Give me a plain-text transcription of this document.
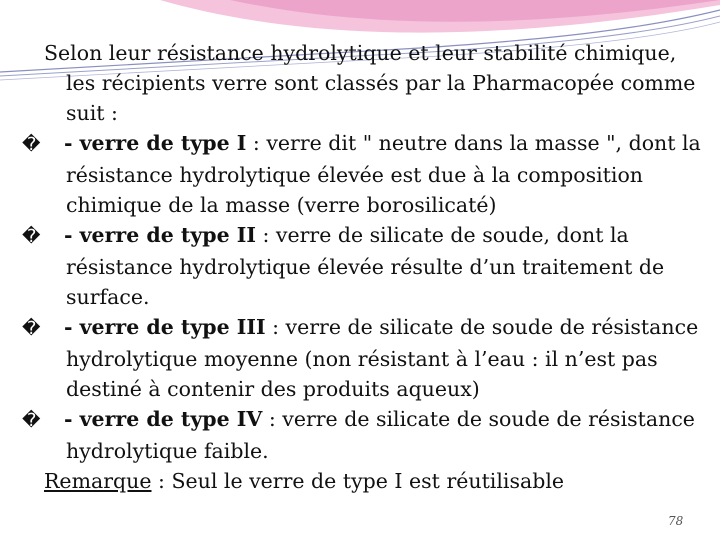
Selon leur résistance hydrolytique et leur stabilité chimique, les récipients verre sont classés par la Pharmacopée comme suit :

� - verre de type I : verre dit " neutre dans la masse ", dont la résistance hydrolytique élevée est due à la composition chimique de la masse (verre borosilicaté)

� - verre de type II : verre de silicate de soude, dont la résistance hydrolytique élevée résulte d’un traitement de surface.

� - verre de type III : verre de silicate de soude de résistance hydrolytique moyenne (non résistant à l’eau : il n’est pas destiné à contenir des produits aqueux)

� - verre de type IV : verre de silicate de soude de résistance hydrolytique faible.

Remarque : Seul le verre de type I est réutilisable

78
